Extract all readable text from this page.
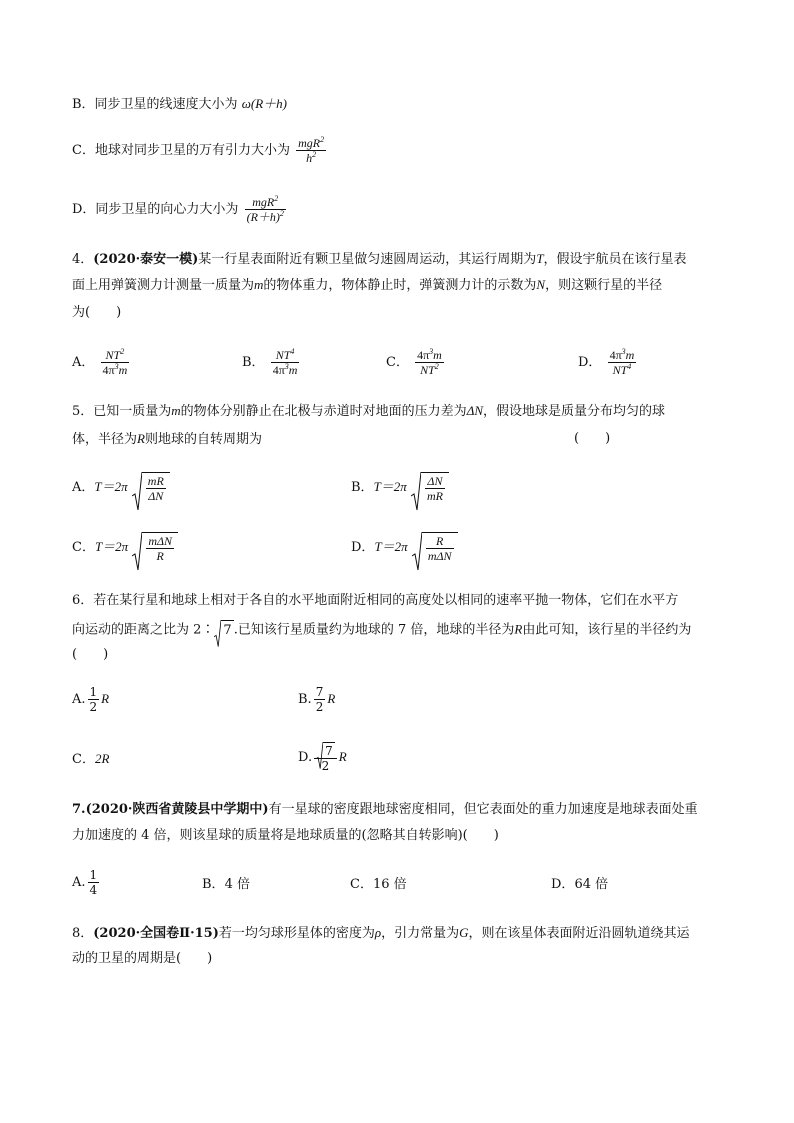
B．同步卫星的线速度大小为 ω(R＋h)
C．地球对同步卫星的万有引力大小为 $\frac{mgR^2}{h^2}$
D．同步卫星的向心力大小为 $\frac{mgR^2}{(R+h)^2}$
4．(2020·泰安一模)某一行星表面附近有颗卫星做匀速圆周运动，其运行周期为T，假设宇航员在该行星表
面上用弹簧测力计测量一质量为m的物体重力，物体静止时，弹簧测力计的示数为N，则这颗行星的半径
为(　　)
A． $\frac{NT^2}{4\pi^3m}$	B． $\frac{NT^4}{4\pi^3m}$	C． $\frac{4\pi^3m}{NT^2}$	D． $\frac{4\pi^3m}{NT^4}$
5．已知一质量为m的物体分别静止在北极与赤道时对地面的压力差为ΔN，假设地球是质量分布均匀的球
体，半径为R则地球的自转周期为	(　　)
A．$T=2\pi \frac{mR}{\Delta N}$	B．$T=2\pi \frac{\Delta N}{mR}$
C．$T=2\pi \frac{\text{mΔN}}{R}$	D．$T=2\pi \frac{R}{\text{mΔN}}$
6．若在某行星和地球上相对于各自的水平地面附近相同的高度处以相同的速率平抛一物体，它们在水平方
向运动的距离之比为 2∶ 7 .已知该行星质量约为地球的 7 倍，地球的半径为R由此可知，该行星的半径约为
(　　)
A. $\frac{1}{2}$ R	B. $\frac{7}{2}$ R
C．2R	D. $\frac{7}{2}$ R
7.(2020·陕西省黄陵县中学期中)有一星球的密度跟地球密度相同，但它表面处的重力加速度是地球表面处重
力加速度的 4 倍，则该星球的质量将是地球质量的(忽略其自转影响)(　　)
A. $\frac{1}{4}$	B．4 倍	C．16 倍	D．64 倍
8．(2020·全国卷Ⅱ·15)若一均匀球形星体的密度为ρ，引力常量为G，则在该星体表面附近沿圆轨道绕其运
动的卫星的周期是(　　)
